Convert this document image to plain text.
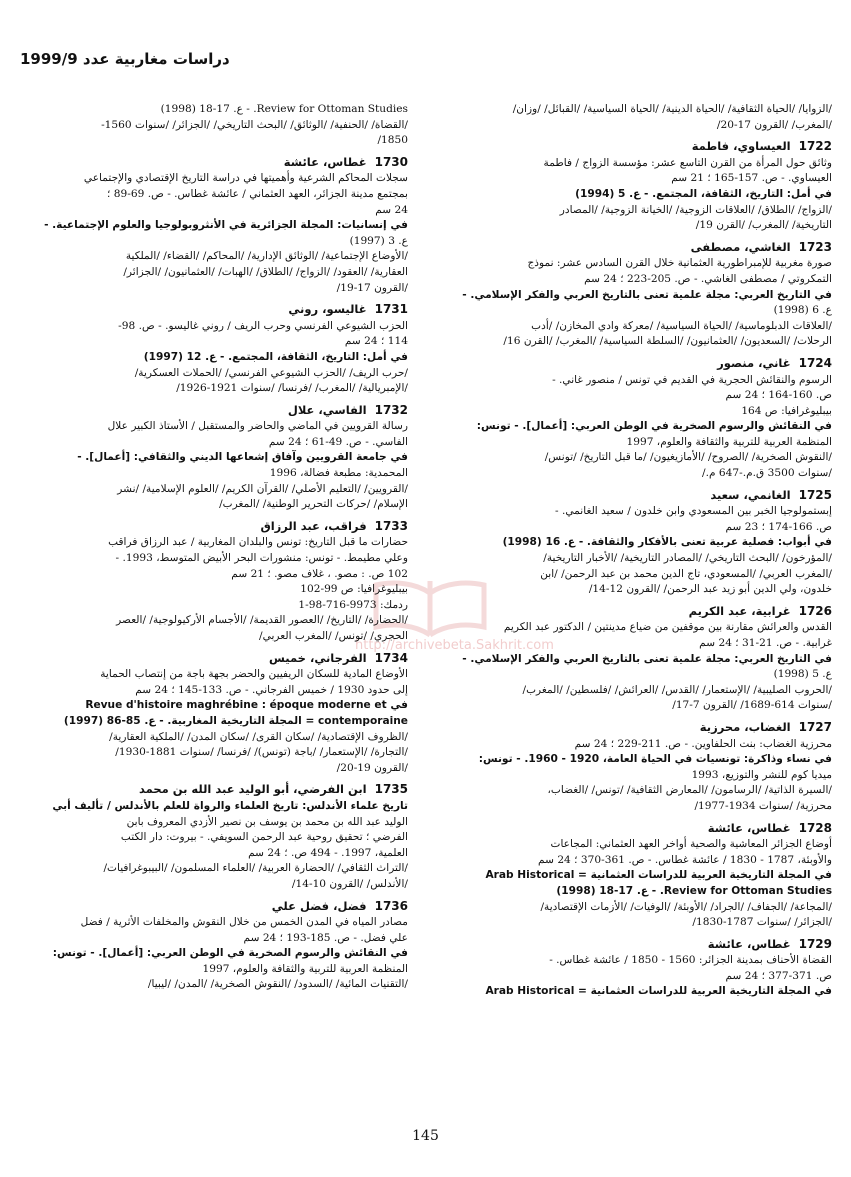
دراسات مغاربية عدد 1999/9
http://archivebeta.Sakhrit.com
/الزوايا/ /الحياة الثقافية/ /الحياة الدينية/ /الحياة السياسية/ /القبائل/ /وزان/
/المغرب/ /القرون 17-20/
1722العيساوي، فاطمة
وثائق حول المرأة من القرن التاسع عشر: مؤسسة الزواج / فاطمة
العيساوي. - ص. 157-165 ؛ 21 سم
في أمل: التاريخ، الثقافة، المجتمع. - ع. 5 (1994)
/الزواج/ /الطلاق/ /العلاقات الزوجية/ /الخيانة الزوجية/ /المصادر
التاريخية/ /المغرب/ /القرن 19/
1723الغاشي، مصطفى
صورة مغربية للإمبراطورية العثمانية خلال القرن السادس عشر: نموذج
التمكروتي / مصطفى الغاشي. - ص. 205-223 ؛ 24 سم
في التاريخ العربي: مجلة علمية تعنى بالتاريخ العربي والفكر الإسلامي. -
ع. 6 (1998)
/العلاقات الدبلوماسية/ /الحياة السياسية/ /معركة وادي المخازن/ /أدب
الرحلات/ /السعديون/ /العثمانيون/ /السلطة السياسية/ /المغرب/ /القرن 16/
1724غاني، منصور
الرسوم والنقائش الحجرية في القديم في تونس / منصور غاني. -
ص. 160-164 ؛ 24 سم
بيبليوغرافيا: ص 164
في النقائش والرسوم الصخرية في الوطن العربي: [أعمال]. - تونس:
المنظمة العربية للتربية والثقافة والعلوم، 1997
/النقوش الصخرية/ /الصروح/ /الأمازيغيون/ /ما قبل التاريخ/ /تونس/
/سنوات 3500 ق.م.-647 م./
1725الغانمي، سعيد
إبستمولوجيا الخبر بين المسعودي وابن خلدون / سعيد الغانمي. -
ص. 166-174 ؛ 23 سم
في أبواب: فصلية عربية تعنى بالأفكار والثقافة. - ع. 16 (1998)
/المؤرخون/ /البحث التاريخي/ /المصادر التاريخية/ /الأخبار التاريخية/
/المغرب العربي/ /المسعودي، تاج الدين محمد بن عبد الرحمن/ /ابن
خلدون، ولي الدين أبو زيد عبد الرحمن/ /القرون 12-14/
1726غرابية، عبد الكريم
القدس والعرائش مقارنة بين موقفين من ضياع مدينتين / الدكتور عبد الكريم
غرابية. - ص. 21-31 ؛ 24 سم
في التاريخ العربي: مجلة علمية تعنى بالتاريخ العربي والفكر الإسلامي. -
ع. 5 (1998)
/الحروب الصليبية/ /الإستعمار/ /القدس/ /العرائش/ /فلسطين/ /المغرب/
/سنوات 614-1689/ /القرون 7-17/
1727الغضاب، محرزية
محرزية الغضاب: بنت الحلفاوين. - ص. 211-229 ؛ 24 سم
في نساء وذاكرة: تونسيات في الحياة العامة، 1920 - 1960. - تونس:
ميديا كوم للنشر والتوزيع، 1993
/السيرة الذاتية/ /الرسامون/ /المعارض الثقافية/ /تونس/ /الغضاب،
محرزية/ /سنوات 1934-1977/
1728غطاس، عائشة
أوضاع الجزائر المعاشية والصحية أواخر العهد العثماني: المجاعات
والأوبئة، 1787 - 1830 / عائشة غطاس. - ص. 361-370 ؛ 24 سم
في المجلة التاريخية العربية للدراسات العثمانية = Arab Historical
Review for Ottoman Studies. - ع. 17-18 (1998)
/المجاعة/ /الجفاف/ /الجراد/ /الأوبئة/ /الوفيات/ /الأزمات الإقتصادية/
/الجزائر/ /سنوات 1787-1830/
1729غطاس، عائشة
القضاة الأحناف بمدينة الجزائر: 1560 - 1850 / عائشة غطاس. -
ص. 371-377 ؛ 24 سم
في المجلة التاريخية العربية للدراسات العثمانية = Arab Historical
Review for Ottoman Studies. - ع. 17-18 (1998)
/القضاة/ /الحنفية/ /الوثائق/ /البحث التاريخي/ /الجزائر/ /سنوات 1560-
1850/
1730غطاس، عائشة
سجلات المحاكم الشرعية وأهميتها في دراسة التاريخ الإقتصادي والإجتماعي
بمجتمع مدينة الجزائر، العهد العثماني / عائشة غطاس. - ص. 69-89 ؛
24 سم
في إنسانيات: المجلة الجزائرية في الأنثروبولوجيا والعلوم الإجتماعية. -
ع. 3 (1997)
/الأوضاع الإجتماعية/ /الوثائق الإدارية/ /المحاكم/ /القضاء/ /الملكية
العقارية/ /العقود/ /الزواج/ /الطلاق/ /الهبات/ /العثمانيون/ /الجزائر/
/القرون 17-19/
1731غاليسو، روني
الحزب الشيوعي الفرنسي وحرب الريف / روني غاليسو. - ص. 98-
114 ؛ 24 سم
في أمل: التاريخ، الثقافة، المجتمع. - ع. 12 (1997)
/حرب الريف/ /الحزب الشيوعي الفرنسي/ /الحملات العسكرية/
/الإمبريالية/ /المغرب/ /فرنسا/ /سنوات 1921-1926/
1732الفاسي، علال
رسالة القرويين في الماضي والحاضر والمستقبل / الأستاذ الكبير علال
الفاسي. - ص. 49-61 ؛ 24 سم
في جامعة القرويين وآفاق إشعاعها الديني والثقافي: [أعمال]. -
المحمدية: مطبعة فضالة، 1996
/القرويين/ /التعليم الأصلي/ /القرآن الكريم/ /العلوم الإسلامية/ /نشر
الإسلام/ /حركات التحرير الوطنية/ /المغرب/
1733فراقب، عبد الرزاق
حضارات ما قبل التاريخ: تونس والبلدان المغاربية / عبد الرزاق فراقب
وعلي مطيمط. - تونس: منشورات البحر الأبيض المتوسط، 1993. -
102 ص. : مصو. ، غلاف مصو. ؛ 21 سم
بيبليوغرافيا: ص 99-102
ردمك: 9973-716-98-1
/الحضارة/ /التاريخ/ /العصور القديمة/ /الأجسام الأركيولوجية/ /العصر
الحجري/ /تونس/ /المغرب العربي/
1734الفرجاني، خميس
الأوضاع المادية للسكان الريفيين والحضر بجهة باجة من إنتصاب الحماية
إلى حدود 1930 / خميس الفرجاني. - ص. 133-145 ؛ 24 سم
في Revue d'histoire maghrébine : époque moderne et
contemporaine = المجلة التاريخية المغاربية. - ع. 85-86 (1997)
/الظروف الإقتصادية/ /سكان القرى/ /سكان المدن/ /الملكية العقارية/
/التجارة/ /الإستعمار/ /باجة (تونس)/ /فرنسا/ /سنوات 1881-1930/
/القرون 19-20/
1735ابن الفرضي، أبو الوليد عبد الله بن محمد
تاريخ علماء الأندلس: تاريخ العلماء والرواة للعلم بالأندلس / تأليف أبي
الوليد عبد الله بن محمد بن يوسف بن نصير الأزدي المعروف بابن
الفرضي ؛ تحقيق روحية عبد الرحمن السويفي. - بيروت: دار الكتب
العلمية، 1997. - 494 ص. ؛ 24 سم
/التراث الثقافي/ /الحضارة العربية/ /العلماء المسلمون/ /البيبوغرافيات/
/الأندلس/ /القرون 10-14/
1736فضل، فضل علي
مصادر المياه في المدن الخمس من خلال النقوش والمخلفات الأثرية / فضل
علي فضل. - ص. 185-193 ؛ 24 سم
في النقائش والرسوم الصخرية في الوطن العربي: [أعمال]. - تونس:
المنظمة العربية للتربية والثقافة والعلوم، 1997
/التقنيات المائية/ /السدود/ /النقوش الصخرية/ /المدن/ /ليبيا/
145
